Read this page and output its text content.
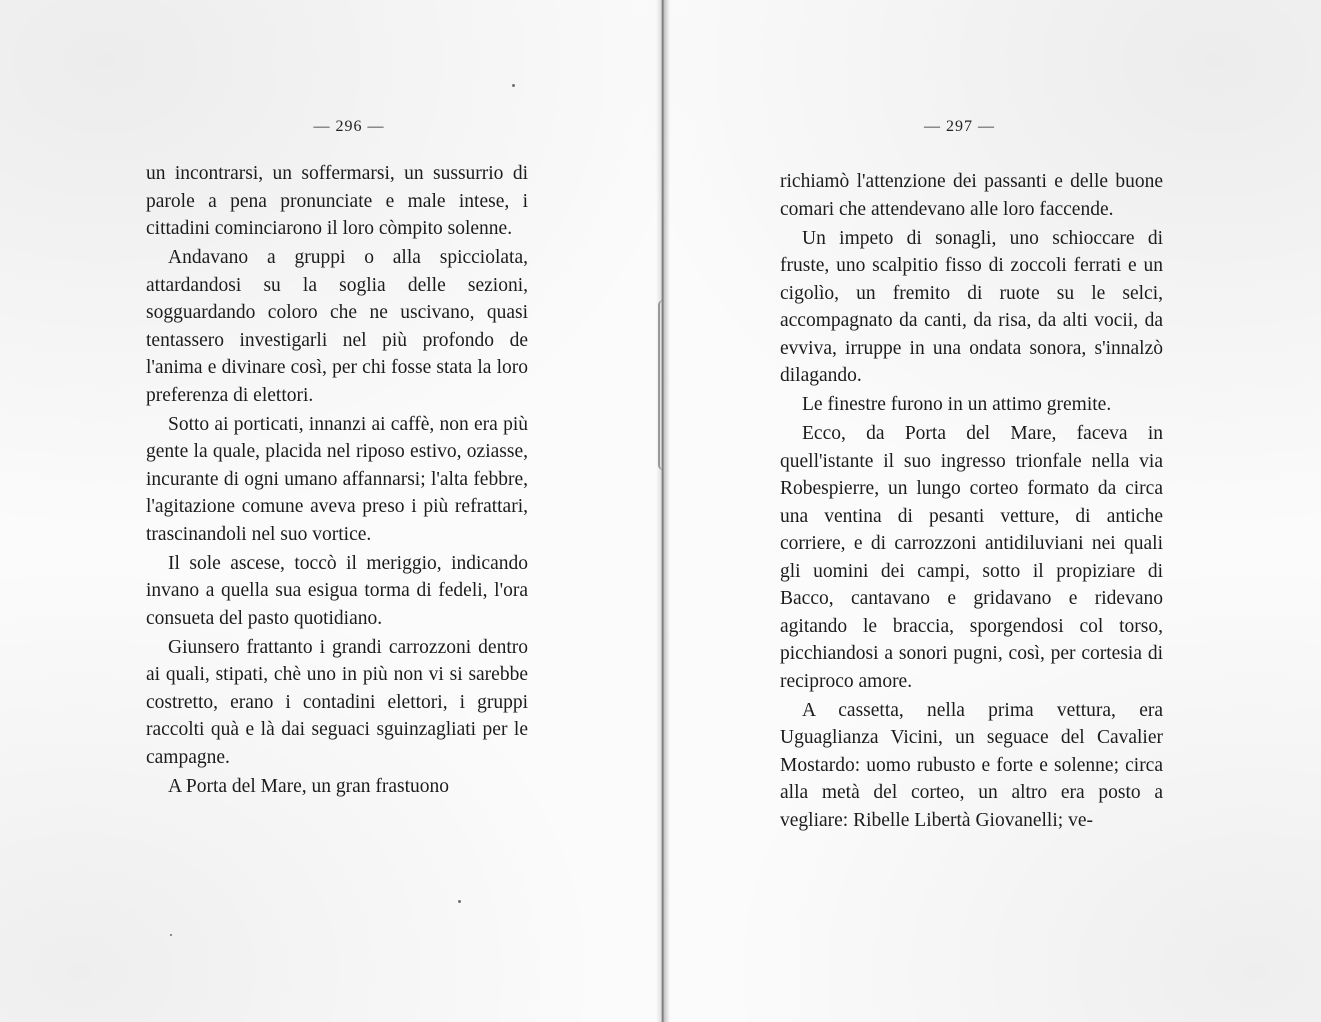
— 296 —

un incontrarsi, un soffermarsi, un sussurrio di parole a pena pronunciate e male intese, i cittadini cominciarono il loro còmpito solenne.

Andavano a gruppi o alla spicciolata, attardandosi su la soglia delle sezioni, sogguardando coloro che ne uscivano, quasi tentassero investigarli nel più profondo de l'anima e divinare così, per chi fosse stata la loro preferenza di elettori.

Sotto ai porticati, innanzi ai caffè, non era più gente la quale, placida nel riposo estivo, oziasse, incurante di ogni umano affannarsi; l'alta febbre, l'agitazione comune aveva preso i più refrattari, trascinandoli nel suo vortice.

Il sole ascese, toccò il meriggio, indicando invano a quella sua esigua torma di fedeli, l'ora consueta del pasto quotidiano.

Giunsero frattanto i grandi carrozzoni dentro ai quali, stipati, chè uno in più non vi si sarebbe costretto, erano i contadini elettori, i gruppi raccolti quà e là dai seguaci sguinzagliati per le campagne.

A Porta del Mare, un gran frastuono

— 297 —

richiamò l'attenzione dei passanti e delle buone comari che attendevano alle loro faccende.

Un impeto di sonagli, uno schioccare di fruste, uno scalpitio fisso di zoccoli ferrati e un cigolìo, un fremito di ruote su le selci, accompagnato da canti, da risa, da alti vocii, da evviva, irruppe in una ondata sonora, s'innalzò dilagando.

Le finestre furono in un attimo gremite.

Ecco, da Porta del Mare, faceva in quell'istante il suo ingresso trionfale nella via Robespierre, un lungo corteo formato da circa una ventina di pesanti vetture, di antiche corriere, e di carrozzoni antidiluviani nei quali gli uomini dei campi, sotto il propiziare di Bacco, cantavano e gridavano e ridevano agitando le braccia, sporgendosi col torso, picchiandosi a sonori pugni, così, per cortesia di reciproco amore.

A cassetta, nella prima vettura, era Uguaglianza Vicini, un seguace del Cavalier Mostardo: uomo rubusto e forte e solenne; circa alla metà del corteo, un altro era posto a vegliare: Ribelle Libertà Giovanelli; ve-
